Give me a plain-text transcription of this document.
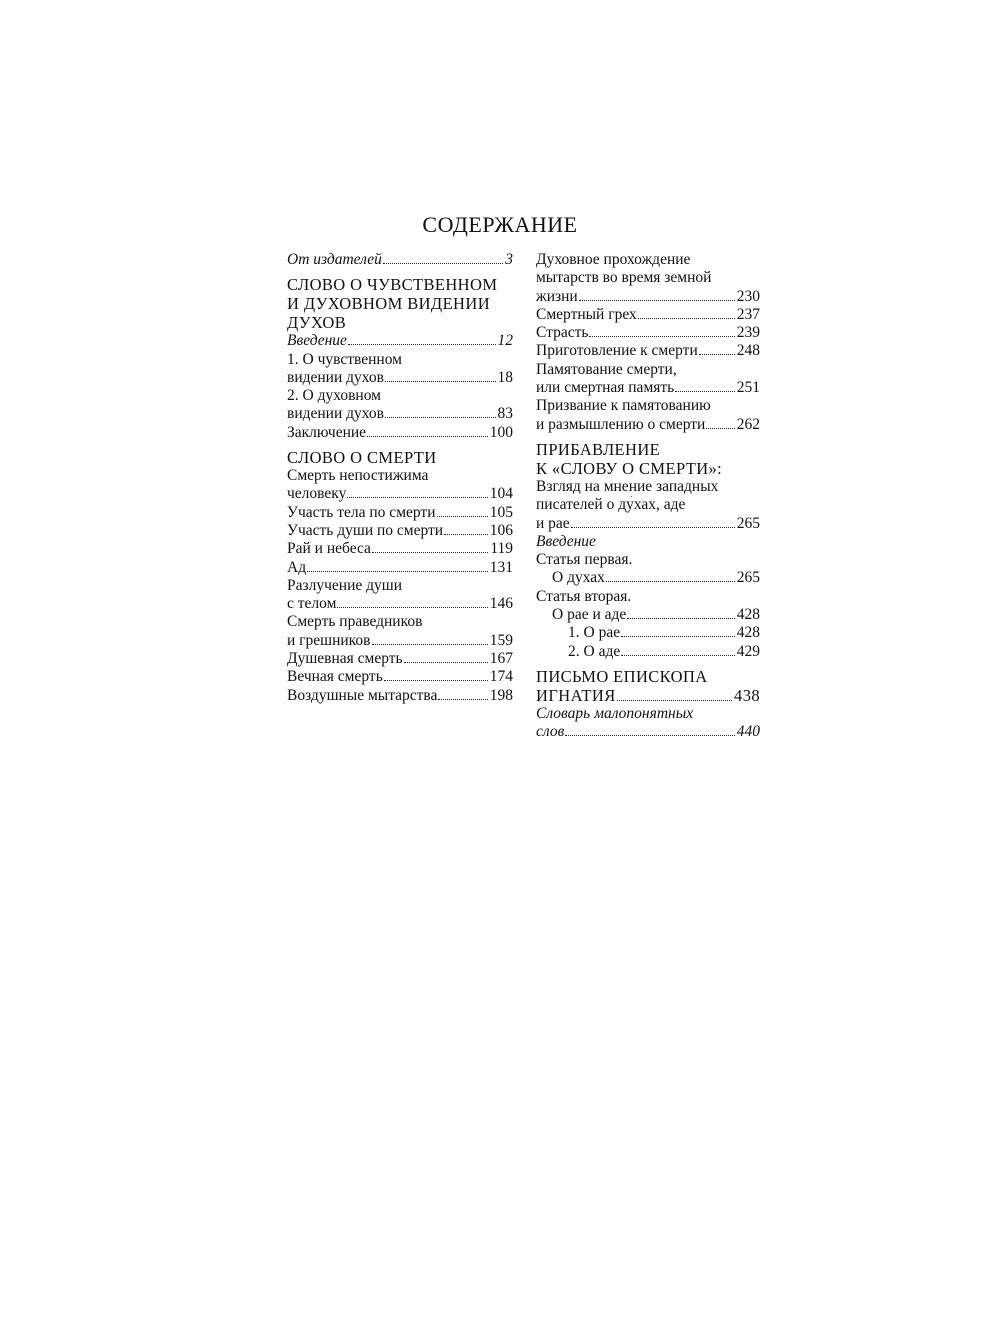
СОДЕРЖАНИЕ
От издателей	3
СЛОВО О ЧУВСТВЕННОМ
И ДУХОВНОМ ВИДЕНИИ
ДУХОВ
Введение	12
1. О чувственном
видении духов	18
2. О духовном
видении духов	83
Заключение	100
СЛОВО О СМЕРТИ
Смерть непостижима
человеку	104
Участь тела по смерти	105
Участь души по смерти	106
Рай и небеса	119
Ад	131
Разлучение души
с телом	146
Смерть праведников
и грешников	159
Душевная смерть	167
Вечная смерть	174
Воздушные мытарства	198
Духовное прохождение
мытарств во время земной
жизни	230
Смертный грех	237
Страсть	239
Приготовление к смерти	248
Памятование смерти,
или смертная память	251
Призвание к памятованию
и размышлению о смерти 262
ПРИБАВЛЕНИЕ
К «СЛОВУ О СМЕРТИ»:
Взгляд на мнение западных
писателей о ду́хах, аде
и рае	265
Введение
Статья первая.
О духах	265
Статья вторая.
О рае и аде	428
1. О рае	428
2. О аде	429
ПИСЬМО ЕПИСКОПА
ИГНАТИЯ	438
Словарь малопонятных
слов	440
